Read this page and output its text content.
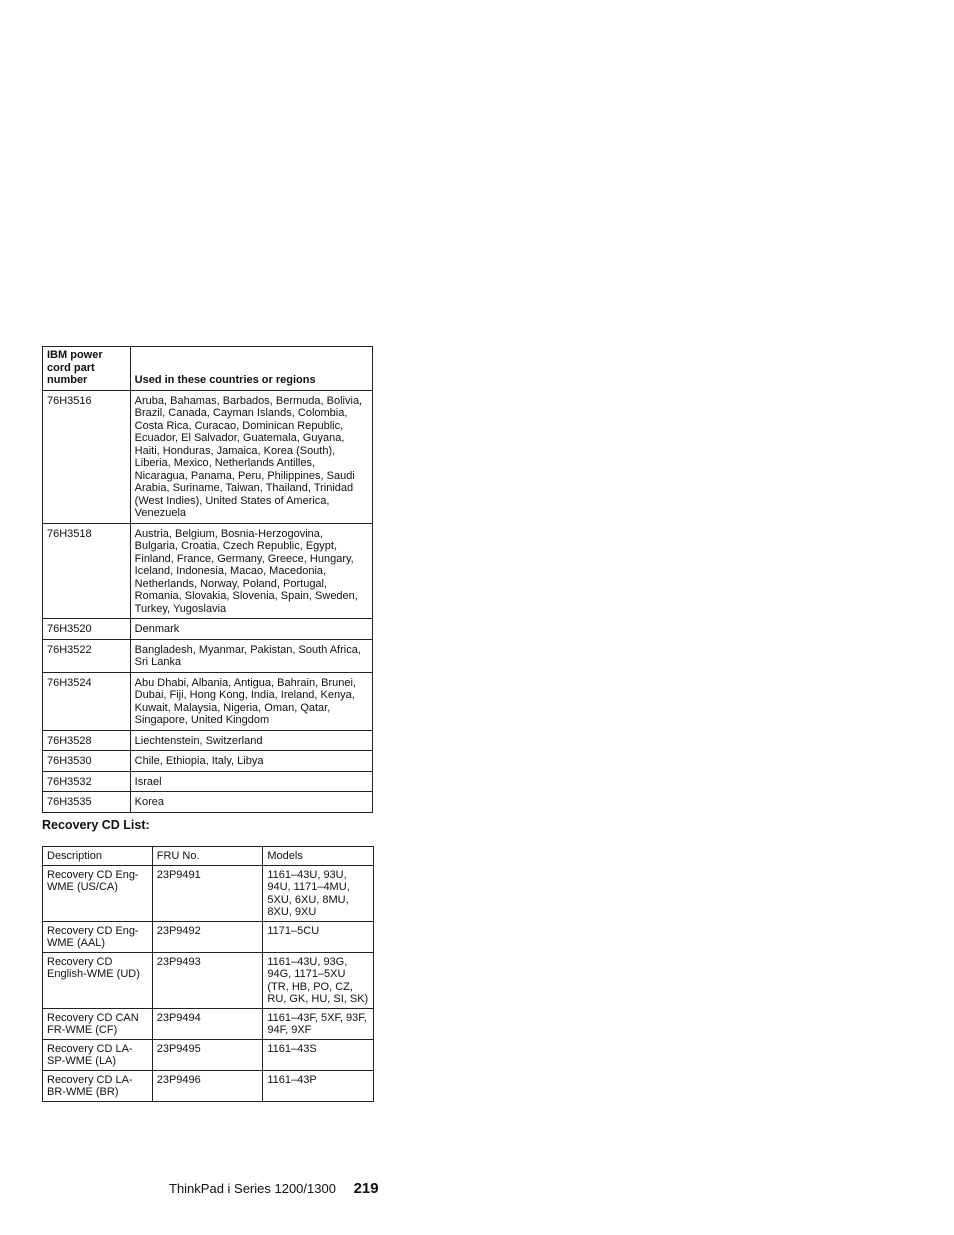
IBM power cord part number	Used in these countries or regions
76H3516	Aruba, Bahamas, Barbados, Bermuda, Bolivia, Brazil, Canada, Cayman Islands, Colombia, Costa Rica, Curacao, Dominican Republic, Ecuador, El Salvador, Guatemala, Guyana, Haiti, Honduras, Jamaica, Korea (South), Liberia, Mexico, Netherlands Antilles, Nicaragua, Panama, Peru, Philippines, Saudi Arabia, Suriname, Taiwan, Thailand, Trinidad (West Indies), United States of America, Venezuela
76H3518	Austria, Belgium, Bosnia-Herzogovina, Bulgaria, Croatia, Czech Republic, Egypt, Finland, France, Germany, Greece, Hungary, Iceland, Indonesia, Macao, Macedonia, Netherlands, Norway, Poland, Portugal, Romania, Slovakia, Slovenia, Spain, Sweden, Turkey, Yugoslavia
76H3520	Denmark
76H3522	Bangladesh, Myanmar, Pakistan, South Africa, Sri Lanka
76H3524	Abu Dhabi, Albania, Antigua, Bahrain, Brunei, Dubai, Fiji, Hong Kong, India, Ireland, Kenya, Kuwait, Malaysia, Nigeria, Oman, Qatar, Singapore, United Kingdom
76H3528	Liechtenstein, Switzerland
76H3530	Chile, Ethiopia, Italy, Libya
76H3532	Israel
76H3535	Korea
Recovery CD List:
Description	FRU No.	Models
Recovery CD Eng-WME (US/CA)	23P9491	1161–43U, 93U, 94U, 1171–4MU, 5XU, 6XU, 8MU, 8XU, 9XU
Recovery CD Eng-WME (AAL)	23P9492	1171–5CU
Recovery CD English-WME (UD)	23P9493	1161–43U, 93G, 94G, 1171–5XU (TR, HB, PO, CZ, RU, GK, HU, SI, SK)
Recovery CD CAN FR-WME (CF)	23P9494	1161–43F, 5XF, 93F, 94F, 9XF
Recovery CD LA-SP-WME (LA)	23P9495	1161–43S
Recovery CD LA-BR-WME (BR)	23P9496	1161–43P
ThinkPad i Series 1200/1300 219
